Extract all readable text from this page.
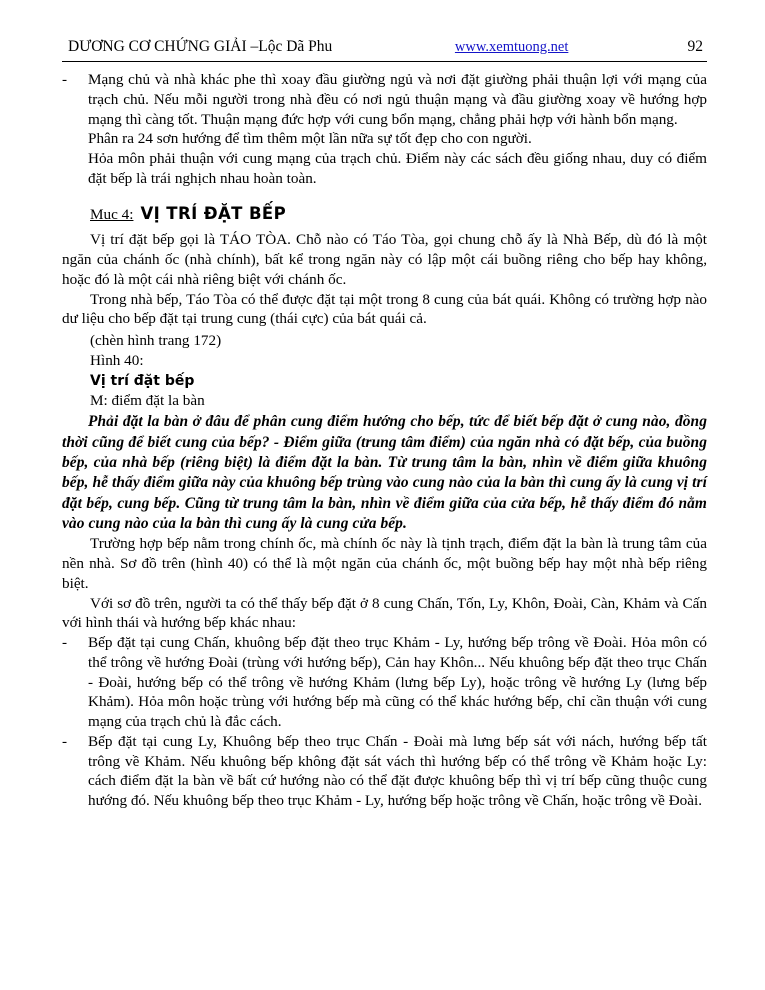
DƯƠNG CƠ CHỨNG GIẢI –Lộc Dã Phu	www.xemtuong.net	92
-	Mạng chủ và nhà khác phe thì xoay đầu giường ngủ và nơi đặt giường phải thuận lợi với mạng của trạch chủ. Nếu mỗi người trong nhà đều có nơi ngủ thuận mạng và đầu giường xoay về hướng hợp mạng thì càng tốt. Thuận mạng đức hợp với cung bổn mạng, chẳng phải hợp với hành bổn mạng.

Phân ra 24 sơn hướng để tìm thêm một lần nữa sự tốt đẹp cho con người.

Hỏa môn phải thuận với cung mạng của trạch chủ. Điểm này các sách đều giống nhau, duy có điểm đặt bếp là trái nghịch nhau hoàn toàn.

Muc 4: VỊ TRÍ ĐẶT BẾP

Vị trí đặt bếp gọi là TÁO TÒA. Chỗ nào có Táo Tòa, gọi chung chỗ ấy là Nhà Bếp, dù đó là một ngăn của chánh ốc (nhà chính), bất kể trong ngăn này có lập một cái buồng riêng cho bếp hay không, hoặc đó là một cái nhà riêng biệt với chánh ốc.

Trong nhà bếp, Táo Tòa có thể được đặt tại một trong 8 cung của bát quái. Không có trường hợp nào dư liệu cho bếp đặt tại trung cung (thái cực) của bát quái cả.

(chèn hình trang 172)

Hình 40:

Vị trí đặt bếp

M: điểm đặt la bàn

Phải đặt la bàn ở đâu để phân cung điểm hướng cho bếp, tức để biết bếp đặt ở cung nào, đồng thời cũng để biết cung của bếp? - Điểm giữa (trung tâm điểm) của ngăn nhà có đặt bếp, của buồng bếp, của nhà bếp (riêng biệt) là điểm đặt la bàn. Từ trung tâm la bàn, nhìn về điểm giữa khuông bếp, hễ thấy điểm giữa này của khuông bếp trùng vào cung nào của la bàn thì cung ấy là cung vị trí đặt bếp, cung bếp. Cũng từ trung tâm la bàn, nhìn về điểm giữa của cửa bếp, hễ thấy điểm đó nằm vào cung nào của la bàn thì cung ấy là cung cửa bếp.

Trường hợp bếp nằm trong chính ốc, mà chính ốc này là tịnh trạch, điểm đặt la bàn là trung tâm của nền nhà. Sơ đồ trên (hình 40) có thể là một ngăn của chánh ốc, một buồng bếp hay một nhà bếp riêng biệt.

Với sơ đồ trên, người ta có thể thấy bếp đặt ở 8 cung Chấn, Tốn, Ly, Khôn, Đoài, Càn, Khảm và Cấn với hình thái và hướng bếp khác nhau:

-	Bếp đặt tại cung Chấn, khuông bếp đặt theo trục Khảm - Ly, hướng bếp trông về Đoài. Hỏa môn có thể trông về hướng Đoài (trùng với hướng bếp), Cản hay Khôn... Nếu khuông bếp đặt theo trục Chấn - Đoài, hướng bếp có thể trông về hướng Khảm (lưng bếp Ly), hoặc trông về hướng Ly (lưng bếp Khảm). Hỏa môn hoặc trùng với hướng bếp mà cũng có thể khác hướng bếp, chỉ cần thuận với cung mạng của trạch chủ là đắc cách.
-	Bếp đặt tại cung Ly, Khuông bếp theo trục Chấn - Đoài mà lưng bếp sát với nách, hướng bếp tất trông về Khảm. Nếu khuông bếp không đặt sát vách thì hướng bếp có thể trông về Khảm hoặc Ly: cách điểm đặt la bàn về bất cứ hướng nào có thể đặt được khuông bếp thì vị trí bếp cũng thuộc cung hướng đó. Nếu khuông bếp theo trục Khảm - Ly, hướng bếp hoặc trông về Chấn, hoặc trông về Đoài.
